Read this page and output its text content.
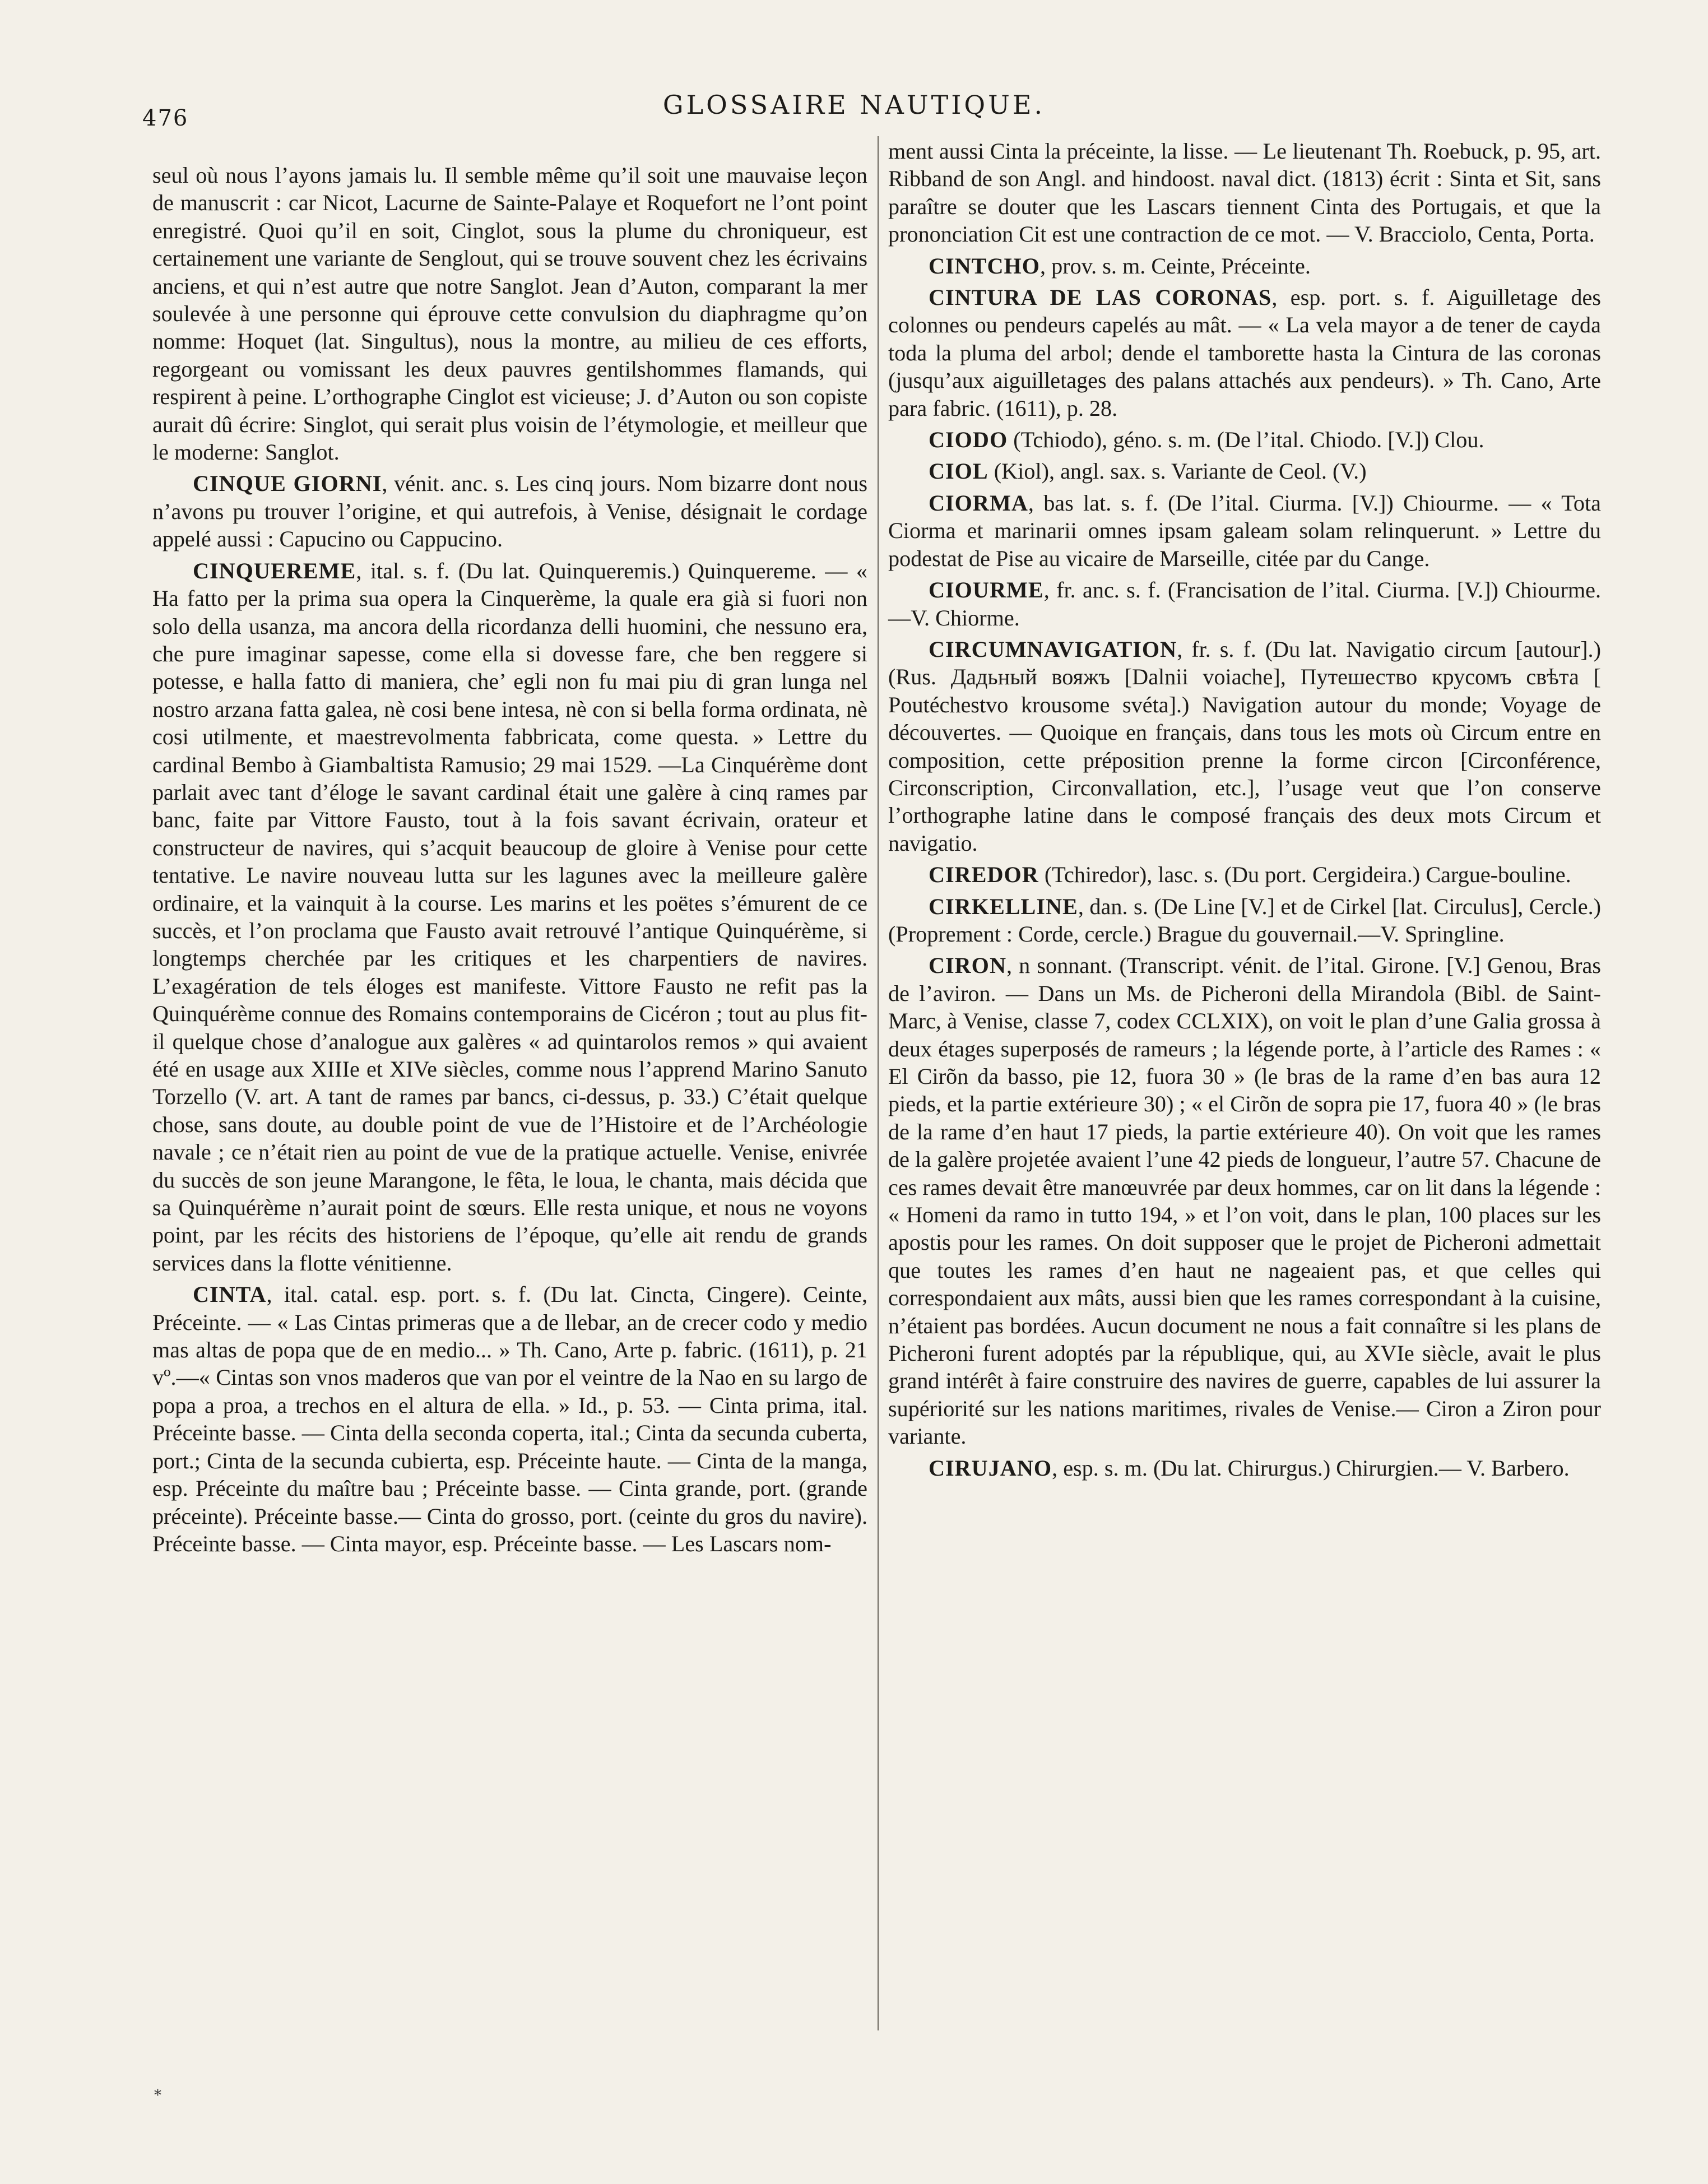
476	GLOSSAIRE NAUTIQUE.

seul où nous l’ayons jamais lu. Il semble même qu’il soit une mauvaise leçon de manuscrit : car Nicot, Lacurne de Sainte-Palaye et Roquefort ne l’ont point enregistré. Quoi qu’il en soit, Cinglot, sous la plume du chroniqueur, est certainement une variante de Senglout, qui se trouve souvent chez les écrivains anciens, et qui n’est autre que notre Sanglot. Jean d’Auton, comparant la mer soulevée à une personne qui éprouve cette convulsion du diaphragme qu’on nomme: Hoquet (lat. Singultus), nous la montre, au milieu de ces efforts, regorgeant ou vomissant les deux pauvres gentilshommes flamands, qui respirent à peine. L’orthographe Cinglot est vicieuse; J. d’Auton ou son copiste aurait dû écrire: Singlot, qui serait plus voisin de l’étymologie, et meilleur que le moderne: Sanglot.

CINQUE GIORNI, vénit. anc. s. Les cinq jours. Nom bizarre dont nous n’avons pu trouver l’origine, et qui autrefois, à Venise, désignait le cordage appelé aussi : Capucino ou Cappucino.

CINQUEREME, ital. s. f. (Du lat. Quinqueremis.) Quinquereme. — « Ha fatto per la prima sua opera la Cinquerème, la quale era già si fuori non solo della usanza, ma ancora della ricordanza delli huomini, che nessuno era, che pure imaginar sapesse, come ella si dovesse fare, che ben reggere si potesse, e halla fatto di maniera, che’ egli non fu mai piu di gran lunga nel nostro arzana fatta galea, nè cosi bene intesa, nè con si bella forma ordinata, nè cosi utilmente, et maestrevolmenta fabbricata, come questa. » Lettre du cardinal Bembo à Giambaltista Ramusio; 29 mai 1529. —La Cinquérème dont parlait avec tant d’éloge le savant cardinal était une galère à cinq rames par banc, faite par Vittore Fausto, tout à la fois savant écrivain, orateur et constructeur de navires, qui s’acquit beaucoup de gloire à Venise pour cette tentative. Le navire nouveau lutta sur les lagunes avec la meilleure galère ordinaire, et la vainquit à la course. Les marins et les poëtes s’émurent de ce succès, et l’on proclama que Fausto avait retrouvé l’antique Quinquérème, si longtemps cherchée par les critiques et les charpentiers de navires. L’exagération de tels éloges est manifeste. Vittore Fausto ne refit pas la Quinquérème connue des Romains contemporains de Cicéron ; tout au plus fit-il quelque chose d’analogue aux galères « ad quintarolos remos » qui avaient été en usage aux XIIIe et XIVe siècles, comme nous l’apprend Marino Sanuto Torzello (V. art. A tant de rames par bancs, ci-dessus, p. 33.) C’était quelque chose, sans doute, au double point de vue de l’Histoire et de l’Archéologie navale ; ce n’était rien au point de vue de la pratique actuelle. Venise, enivrée du succès de son jeune Marangone, le fêta, le loua, le chanta, mais décida que sa Quinquérème n’aurait point de sœurs. Elle resta unique, et nous ne voyons point, par les récits des historiens de l’époque, qu’elle ait rendu de grands services dans la flotte vénitienne.

CINTA, ital. catal. esp. port. s. f. (Du lat. Cincta, Cingere). Ceinte, Préceinte. — « Las Cintas primeras que a de llebar, an de crecer codo y medio mas altas de popa que de en medio... » Th. Cano, Arte p. fabric. (1611), p. 21 vº.—« Cintas son vnos maderos que van por el veintre de la Nao en su largo de popa a proa, a trechos en el altura de ella. » Id., p. 53. — Cinta prima, ital. Préceinte basse. — Cinta della seconda coperta, ital.; Cinta da secunda cuberta, port.; Cinta de la secunda cubierta, esp. Préceinte haute. — Cinta de la manga, esp. Préceinte du maître bau ; Préceinte basse. — Cinta grande, port. (grande préceinte). Préceinte basse.— Cinta do grosso, port. (ceinte du gros du navire). Préceinte basse. — Cinta mayor, esp. Préceinte basse. — Les Lascars nom-

ment aussi Cinta la préceinte, la lisse. — Le lieutenant Th. Roebuck, p. 95, art. Ribband de son Angl. and hindoost. naval dict. (1813) écrit : Sinta et Sit, sans paraître se douter que les Lascars tiennent Cinta des Portugais, et que la prononciation Cit est une contraction de ce mot. — V. Bracciolo, Centa, Porta.

CINTCHO, prov. s. m. Ceinte, Préceinte.

CINTURA DE LAS CORONAS, esp. port. s. f. Aiguilletage des colonnes ou pendeurs capelés au mât. — « La vela mayor a de tener de cayda toda la pluma del arbol; dende el tamborette hasta la Cintura de las coronas (jusqu’aux aiguilletages des palans attachés aux pendeurs). » Th. Cano, Arte para fabric. (1611), p. 28.

CIODO (Tchiodo), géno. s. m. (De l’ital. Chiodo. [V.]) Clou.

CIOL (Kiol), angl. sax. s. Variante de Ceol. (V.)

CIORMA, bas lat. s. f. (De l’ital. Ciurma. [V.]) Chiourme. — « Tota Ciorma et marinarii omnes ipsam galeam solam relinquerunt. » Lettre du podestat de Pise au vicaire de Marseille, citée par du Cange.

CIOURME, fr. anc. s. f. (Francisation de l’ital. Ciurma. [V.]) Chiourme.—V. Chiorme.

CIRCUMNAVIGATION, fr. s. f. (Du lat. Navigatio circum [autour].) (Rus. Дадьный вояжъ [Dalnii voiache], Путешествo крусомъ свѣта [ Poutéchestvo krousome svéta].) Navigation autour du monde; Voyage de découvertes. — Quoique en français, dans tous les mots où Circum entre en composition, cette préposition prenne la forme circon [Circonférence, Circonscription, Circonvallation, etc.], l’usage veut que l’on conserve l’orthographe latine dans le composé français des deux mots Circum et navigatio.

CIREDOR (Tchiredor), lasc. s. (Du port. Cergideira.) Cargue-bouline.

CIRKELLINE, dan. s. (De Line [V.] et de Cirkel [lat. Circulus], Cercle.) (Proprement : Corde, cercle.) Brague du gouvernail.—V. Springline.

CIRON, n sonnant. (Transcript. vénit. de l’ital. Girone. [V.] Genou, Bras de l’aviron. — Dans un Ms. de Picheroni della Mirandola (Bibl. de Saint-Marc, à Venise, classe 7, codex CCLXIX), on voit le plan d’une Galia grossa à deux étages superposés de rameurs ; la légende porte, à l’article des Rames : « El Cirõn da basso, pie 12, fuora 30 » (le bras de la rame d’en bas aura 12 pieds, et la partie extérieure 30) ; « el Cirõn de sopra pie 17, fuora 40 » (le bras de la rame d’en haut 17 pieds, la partie extérieure 40). On voit que les rames de la galère projetée avaient l’une 42 pieds de longueur, l’autre 57. Chacune de ces rames devait être manœuvrée par deux hommes, car on lit dans la légende : « Homeni da ramo in tutto 194, » et l’on voit, dans le plan, 100 places sur les apostis pour les rames. On doit supposer que le projet de Picheroni admettait que toutes les rames d’en haut ne nageaient pas, et que celles qui correspondaient aux mâts, aussi bien que les rames correspondant à la cuisine, n’étaient pas bordées. Aucun document ne nous a fait connaître si les plans de Picheroni furent adoptés par la république, qui, au XVIe siècle, avait le plus grand intérêt à faire construire des navires de guerre, capables de lui assurer la supériorité sur les nations maritimes, rivales de Venise.— Ciron a Ziron pour variante.

CIRUJANO, esp. s. m. (Du lat. Chirurgus.) Chirurgien.— V. Barbero.

*
